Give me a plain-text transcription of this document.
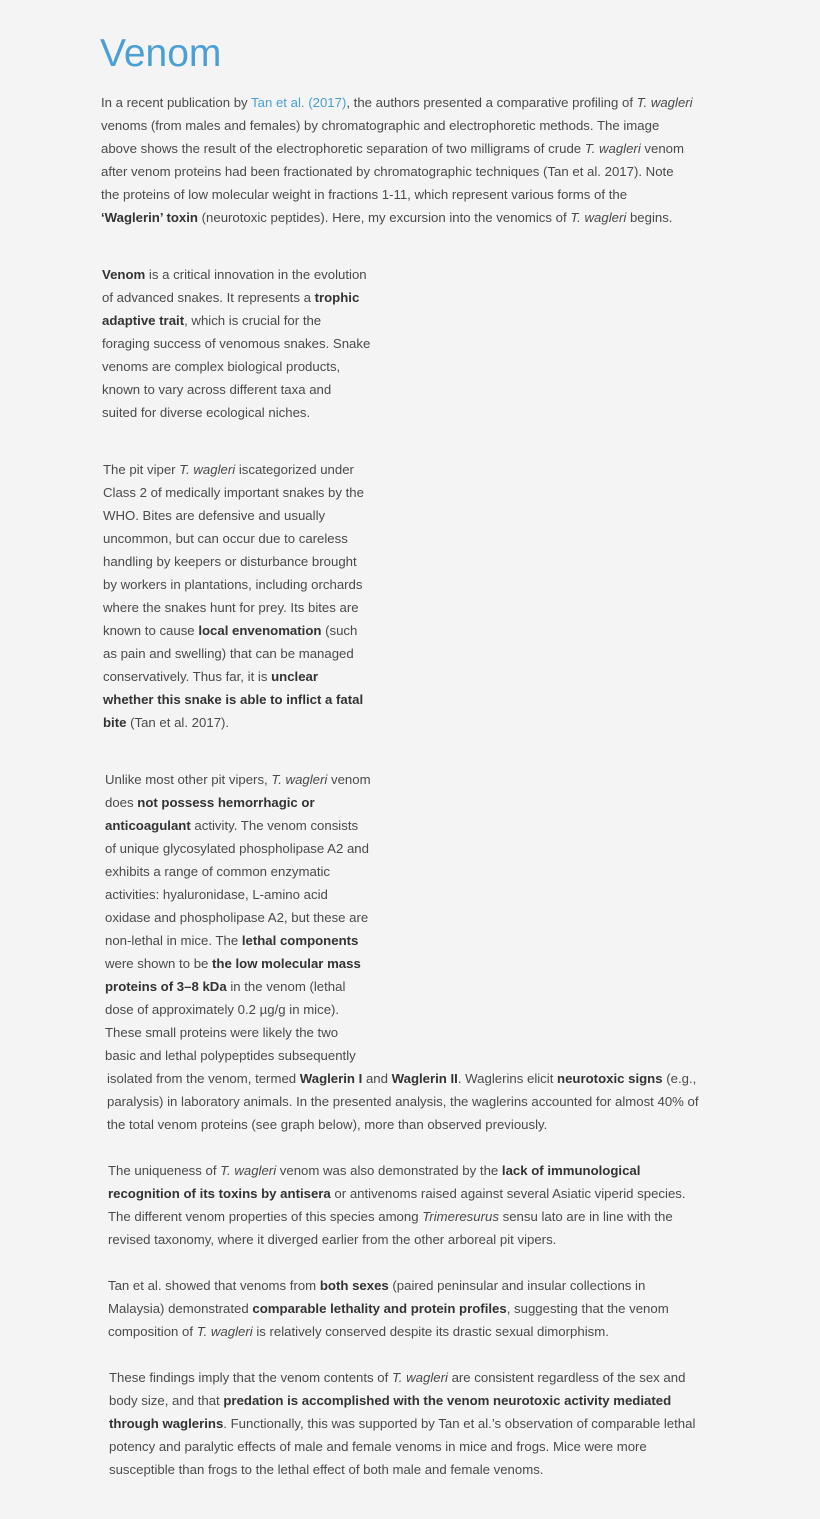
Venom
In a recent publication by Tan et al. (2017), the authors presented a comparative profiling of T. wagleri
venoms (from males and females) by chromatographic and electrophoretic methods. The image
above shows the result of the electrophoretic separation of two milligrams of crude T. wagleri venom
after venom proteins had been fractionated by chromatographic techniques (Tan et al. 2017). Note
the proteins of low molecular weight in fractions 1-11, which represent various forms of the
‘Waglerin’ toxin (neurotoxic peptides). Here, my excursion into the venomics of T. wagleri begins.
Venom is a critical innovation in the evolution
of advanced snakes. It represents a trophic
adaptive trait, which is crucial for the
foraging success of venomous snakes. Snake
venoms are complex biological products,
known to vary across different taxa and
suited for diverse ecological niches.
The pit viper T. wagleri iscategorized under
Class 2 of medically important snakes by the
WHO. Bites are defensive and usually
uncommon, but can occur due to careless
handling by keepers or disturbance brought
by workers in plantations, including orchards
where the snakes hunt for prey. Its bites are
known to cause local envenomation (such
as pain and swelling) that can be managed
conservatively. Thus far, it is unclear
whether this snake is able to inflict a fatal
bite (Tan et al. 2017).
Unlike most other pit vipers, T. wagleri venom
does not possess hemorrhagic or
anticoagulant activity. The venom consists
of unique glycosylated phospholipase A2 and
exhibits a range of common enzymatic
activities: hyaluronidase, L-amino acid
oxidase and phospholipase A2, but these are
non-lethal in mice. The lethal components
were shown to be the low molecular mass
proteins of 3–8 kDa in the venom (lethal
dose of approximately 0.2 µg/g in mice).
These small proteins were likely the two
basic and lethal polypeptides subsequently
isolated from the venom, termed Waglerin I and Waglerin II. Waglerins elicit neurotoxic signs (e.g.,
paralysis) in laboratory animals. In the presented analysis, the waglerins accounted for almost 40% of
the total venom proteins (see graph below), more than observed previously.
The uniqueness of T. wagleri venom was also demonstrated by the lack of immunological
recognition of its toxins by antisera or antivenoms raised against several Asiatic viperid species.
The different venom properties of this species among Trimeresurus sensu lato are in line with the
revised taxonomy, where it diverged earlier from the other arboreal pit vipers.
Tan et al. showed that venoms from both sexes (paired peninsular and insular collections in
Malaysia) demonstrated comparable lethality and protein profiles, suggesting that the venom
composition of T. wagleri is relatively conserved despite its drastic sexual dimorphism.
These findings imply that the venom contents of T. wagleri are consistent regardless of the sex and
body size, and that predation is accomplished with the venom neurotoxic activity mediated
through waglerins. Functionally, this was supported by Tan et al.’s observation of comparable lethal
potency and paralytic effects of male and female venoms in mice and frogs. Mice were more
susceptible than frogs to the lethal effect of both male and female venoms.
